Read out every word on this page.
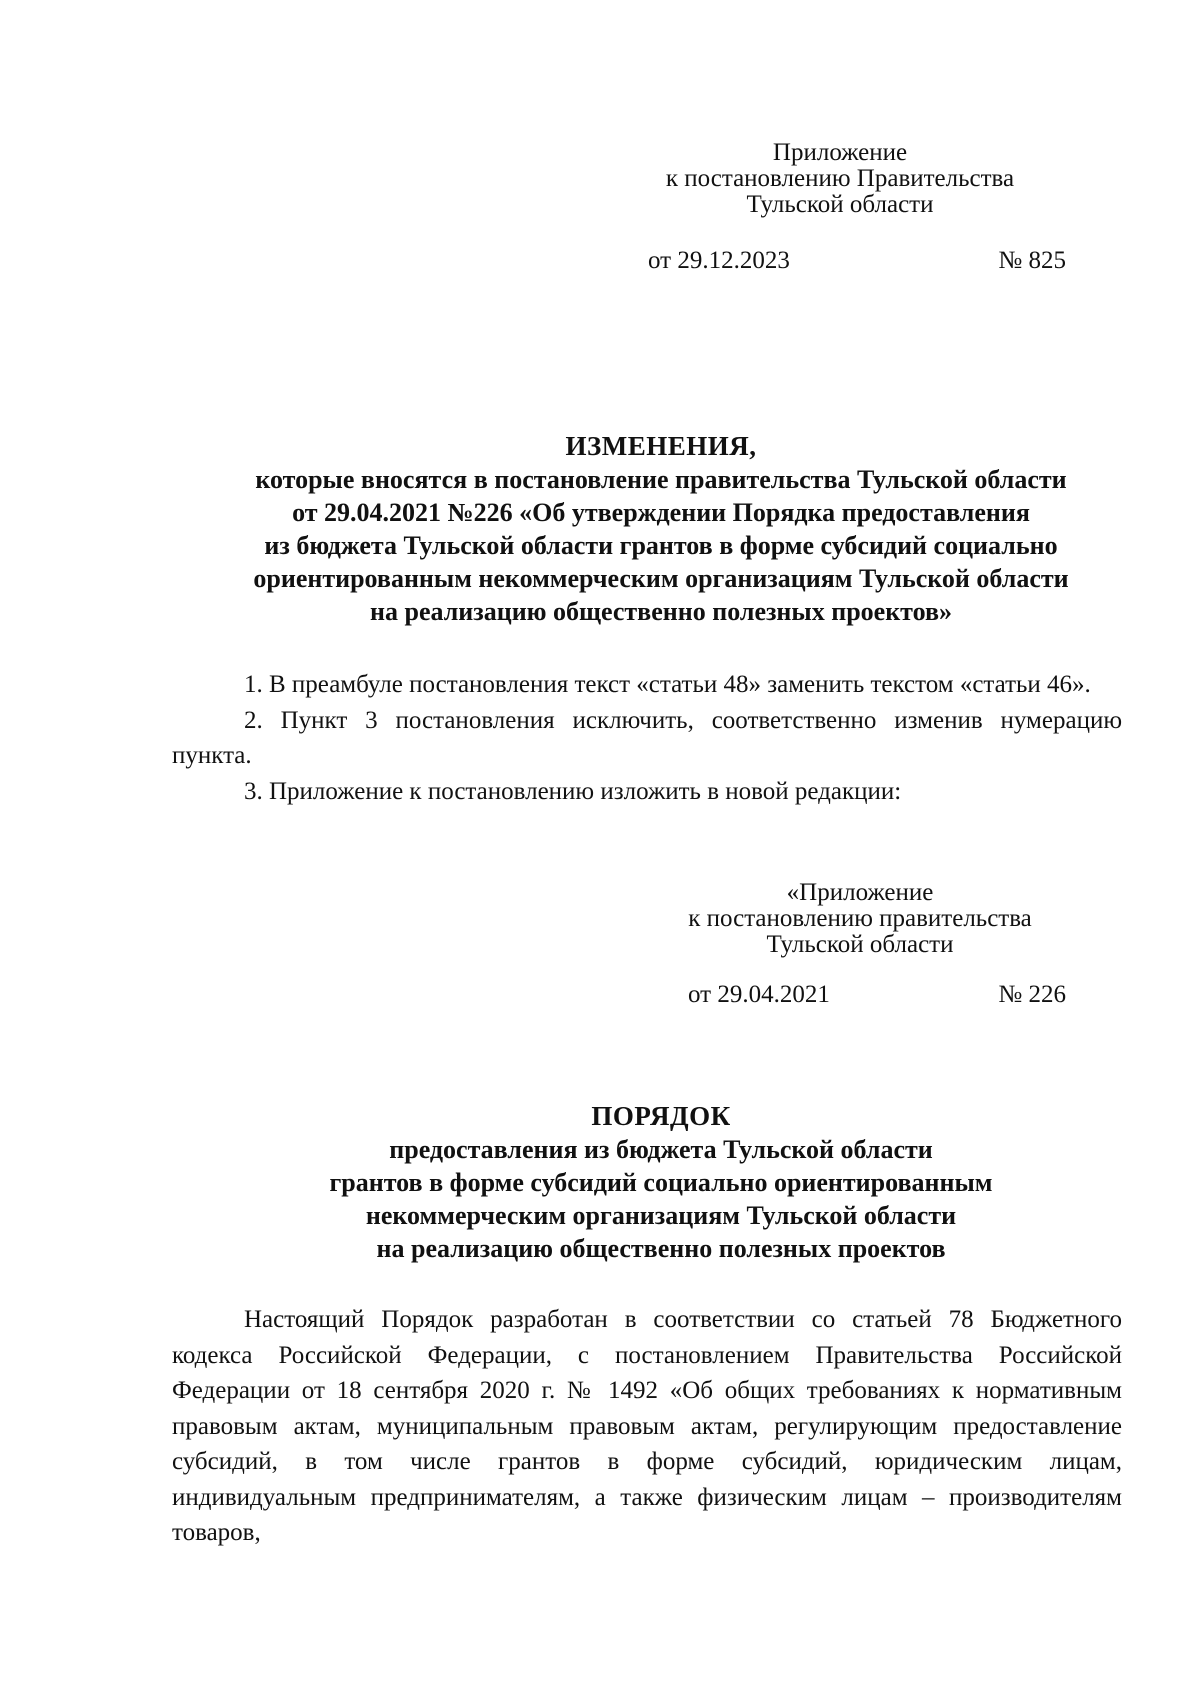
Приложение
к постановлению Правительства
Тульской области
от 29.12.2023	№ 825
ИЗМЕНЕНИЯ,
которые вносятся в постановление правительства Тульской области
от 29.04.2021 №226 «Об утверждении Порядка предоставления
из бюджета Тульской области грантов в форме субсидий социально
ориентированным некоммерческим организациям Тульской области
на реализацию общественно полезных проектов»

1. В преамбуле постановления текст «статьи 48» заменить текстом «статьи 46».

2. Пункт 3 постановления исключить, соответственно изменив нумерацию пункта.

3. Приложение к постановлению изложить в новой редакции:

«Приложение
к постановлению правительства
Тульской области
от 29.04.2021	№ 226
ПОРЯДОК
предоставления из бюджета Тульской области
грантов в форме субсидий социально ориентированным
некоммерческим организациям Тульской области
на реализацию общественно полезных проектов

Настоящий Порядок разработан в соответствии со статьей 78 Бюджетного кодекса Российской Федерации, с постановлением Правительства Российской Федерации от 18 сентября 2020 г. № 1492 «Об общих требованиях к нормативным правовым актам, муниципальным правовым актам, регулирующим предоставление субсидий, в том числе грантов в форме субсидий, юридическим лицам, индивидуальным предпринимателям, а также физическим лицам – производителям товаров,
